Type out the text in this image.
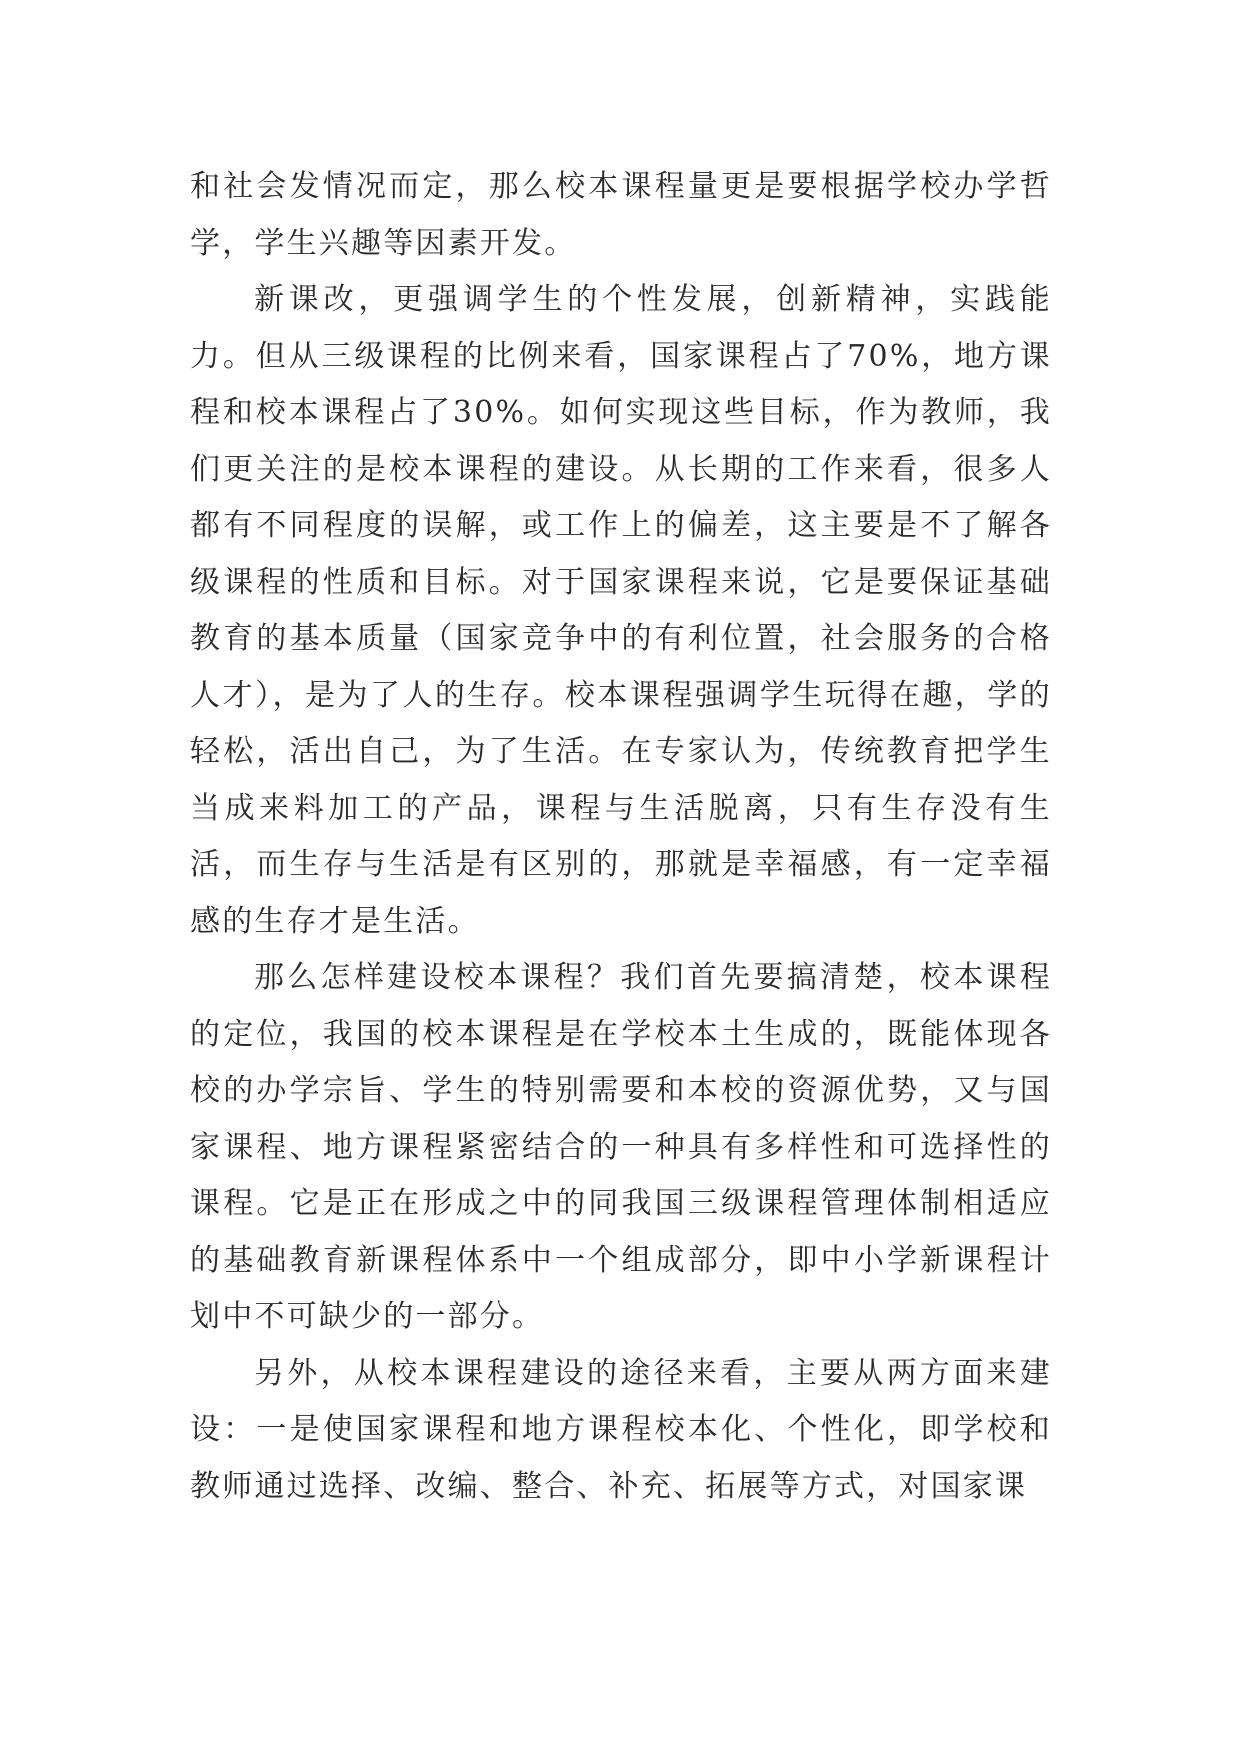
和社会发情况而定，那么校本课程量更是要根据学校办学哲学，学生兴趣等因素开发。

新课改，更强调学生的个性发展，创新精神，实践能力。但从三级课程的比例来看，国家课程占了70%，地方课程和校本课程占了30%。如何实现这些目标，作为教师，我们更关注的是校本课程的建设。从长期的工作来看，很多人都有不同程度的误解，或工作上的偏差，这主要是不了解各级课程的性质和目标。对于国家课程来说，它是要保证基础教育的基本质量（国家竞争中的有利位置，社会服务的合格人才），是为了人的生存。校本课程强调学生玩得在趣，学的轻松，活出自己，为了生活。在专家认为，传统教育把学生当成来料加工的产品，课程与生活脱离，只有生存没有生活，而生存与生活是有区别的，那就是幸福感，有一定幸福感的生存才是生活。

那么怎样建设校本课程？我们首先要搞清楚，校本课程的定位，我国的校本课程是在学校本土生成的，既能体现各校的办学宗旨、学生的特别需要和本校的资源优势，又与国家课程、地方课程紧密结合的一种具有多样性和可选择性的课程。它是正在形成之中的同我国三级课程管理体制相适应的基础教育新课程体系中一个组成部分，即中小学新课程计划中不可缺少的一部分。

另外，从校本课程建设的途径来看，主要从两方面来建设：一是使国家课程和地方课程校本化、个性化，即学校和教师通过选择、改编、整合、补充、拓展等方式，对国家课
